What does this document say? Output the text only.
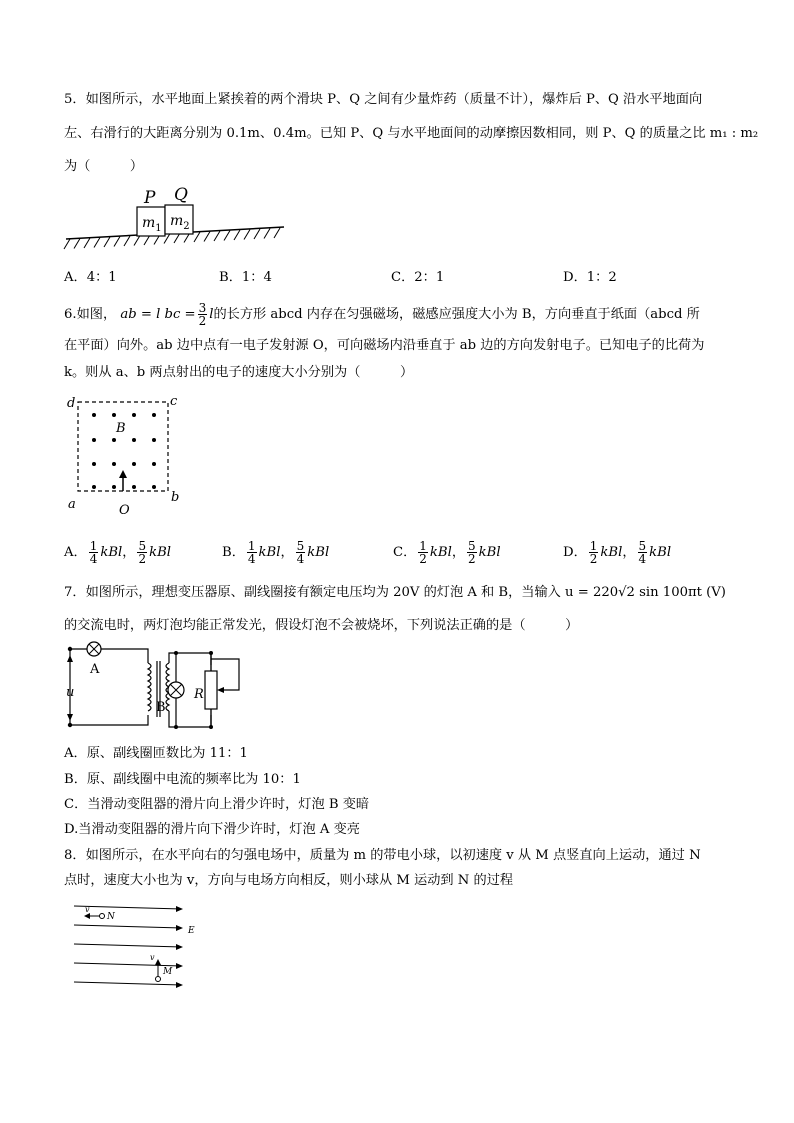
5．如图所示，水平地面上紧挨着的两个滑块 P、Q 之间有少量炸药（质量不计），爆炸后 P、Q 沿水平地面向
左、右滑行的大距离分别为 0.1m、0.4m。已知 P、Q 与水平地面间的动摩擦因数相同，则 P、Q 的质量之比 m₁ : m₂
为（　　　）
P Q
$m_1$ $m_2$
A．4：1	B．1：4	C．2：1	D．1：2
6.如图， ab = l bc = $\frac{3}{2}$ l的长方形 abcd 内存在匀强磁场，磁感应强度大小为 B，方向垂直于纸面（abcd 所
在平面）向外。ab 边中点有一电子发射源 O，可向磁场内沿垂直于 ab 边的方向发射电子。已知电子的比荷为
k。则从 a、b 两点射出的电子的速度大小分别为（　　　）
d	c
B
a	b
O
A． $\frac{1}{4}$ kBl， $\frac{5}{2}$ kBl	B． $\frac{1}{4}$ kBl， $\frac{5}{4}$ kBl	C． $\frac{1}{2}$ kBl， $\frac{5}{2}$ kBl	D． $\frac{1}{2}$ kBl， $\frac{5}{4}$ kBl
7．如图所示，理想变压器原、副线圈接有额定电压均为 20V 的灯泡 A 和 B，当输入 u = 220√2 sin 100πt (V)
的交流电时，两灯泡均能正常发光，假设灯泡不会被烧坏，下列说法正确的是（　　　）
A
u
B
R
A．原、副线圈匝数比为 11：1
B．原、副线圈中电流的频率比为 10：1
C．当滑动变阻器的滑片向上滑少许时，灯泡 B 变暗
D.当滑动变阻器的滑片向下滑少许时，灯泡 A 变亮
8．如图所示，在水平向右的匀强电场中，质量为 m 的带电小球，以初速度 v 从 M 点竖直向上运动，通过 N
点时，速度大小也为 v，方向与电场方向相反，则小球从 M 运动到 N 的过程
v
N
E
v
M
